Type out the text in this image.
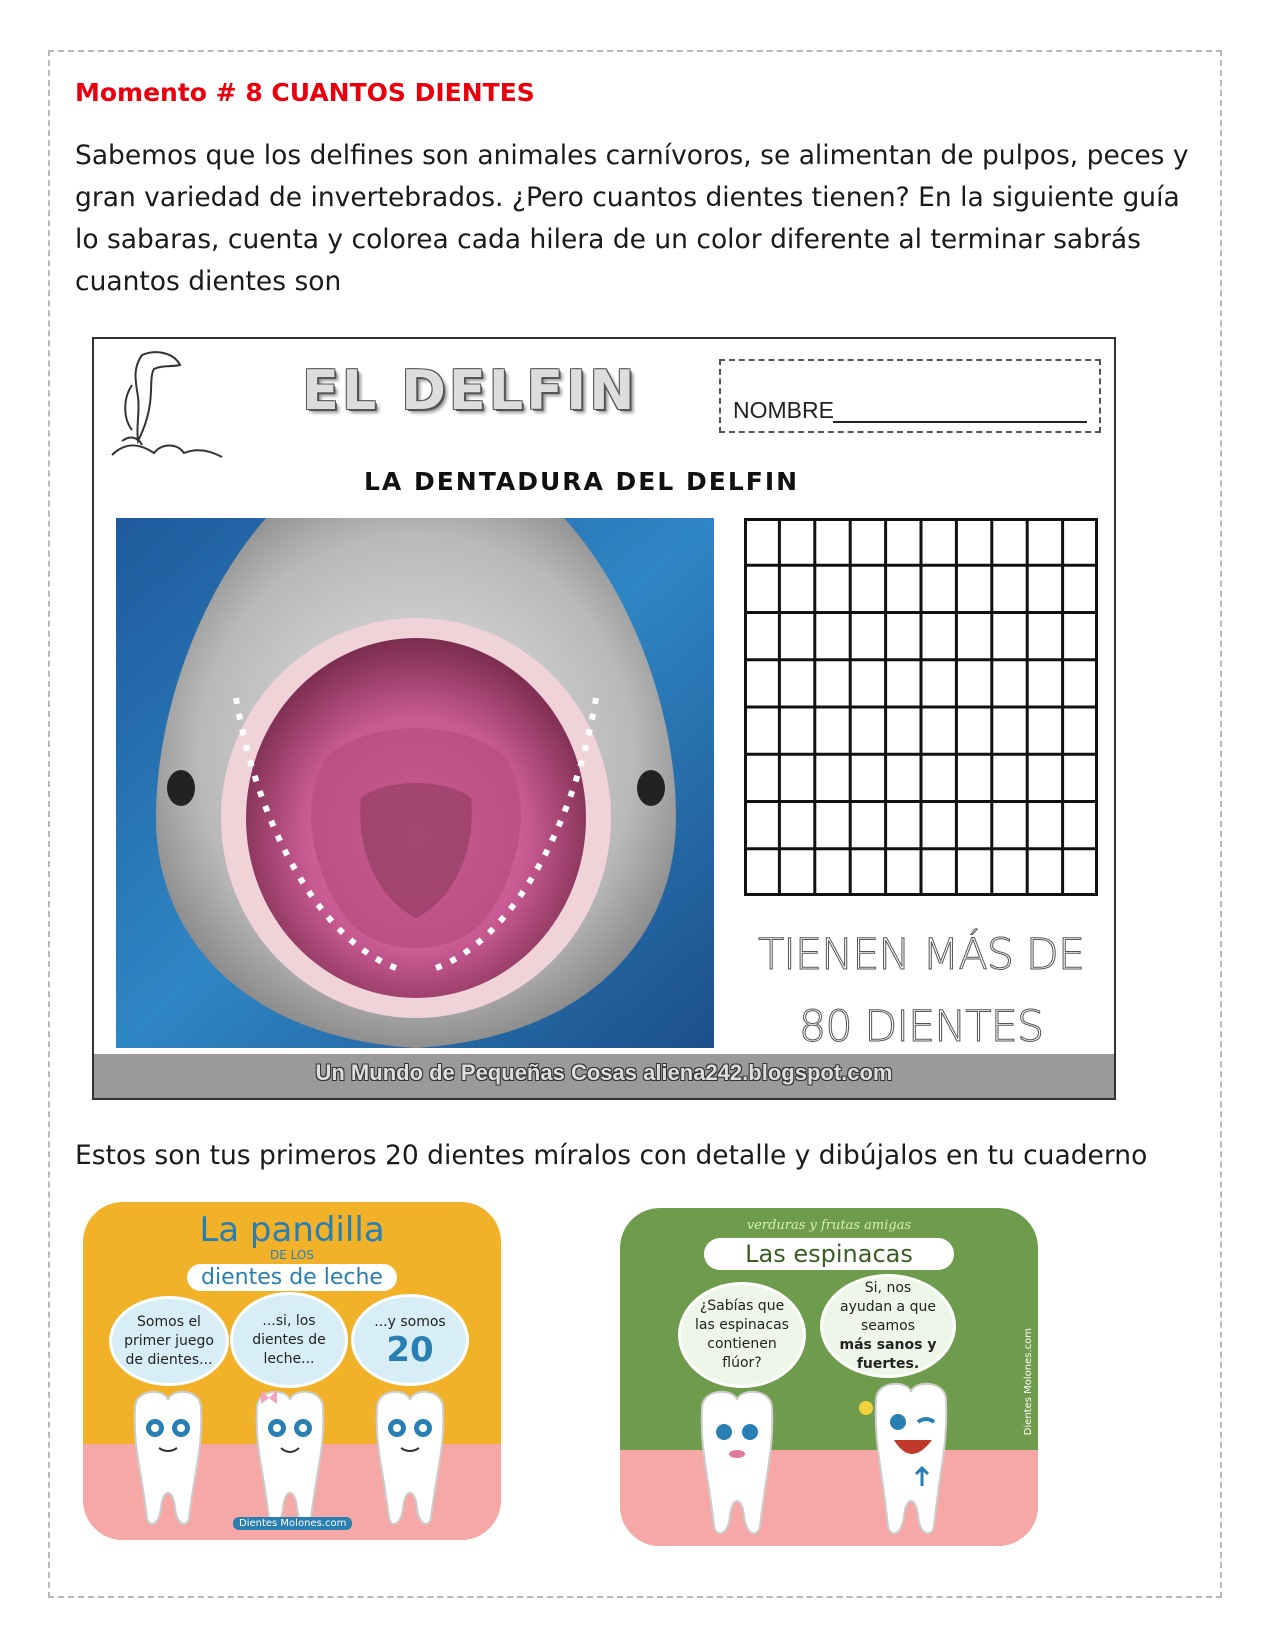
Momento # 8 CUANTOS DIENTES

Sabemos que los delfines son animales carnívoros, se alimentan de pulpos, peces y gran variedad de invertebrados. ¿Pero cuantos dientes tienen? En la siguiente guía lo sabaras, cuenta y colorea cada hilera de un color diferente al terminar sabrás cuantos dientes son

EL DELFIN	NOMBRE
LA DENTADURA DEL DELFIN

TIENEN MÁS DE
80 DIENTES

Un Mundo de Pequeñas Cosas aliena242.blogspot.com

Estos son tus primeros 20 dientes míralos con detalle y dibújalos en tu cuaderno

La pandilla
DE LOS
dientes de leche
Somos el primer juego de dientes...
...si, los dientes de leche...
...y somos
20
Dientes Molones.com
verduras y frutas amigas
Las espinacas
¿Sabías que las espinacas contienen flúor?
Si, nos ayudan a que seamos
más sanos y fuertes.	Dientes Molones.com
